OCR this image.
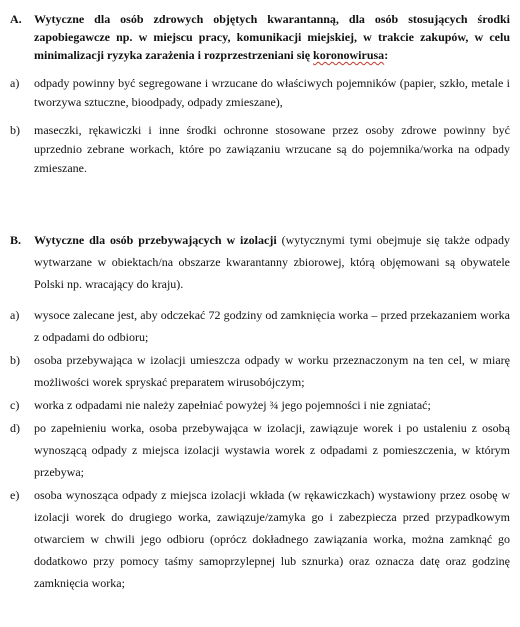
A.	Wytyczne dla osób zdrowych objętych kwarantanną, dla osób stosujących środki zapobiegawcze np. w miejscu pracy, komunikacji miejskiej, w trakcie zakupów, w celu minimalizacji ryzyka zarażenia i rozprzestrzeniani się koronowirusa:
a)	odpady powinny być segregowane i wrzucane do właściwych pojemników (papier, szkło, metale i tworzywa sztuczne, bioodpady, odpady zmieszane),
b)	maseczki, rękawiczki i inne środki ochronne stosowane przez osoby zdrowe powinny być uprzednio zebrane workach, które po zawiązaniu wrzucane są do pojemnika/worka na odpady zmieszane.
B.	Wytyczne dla osób przebywających w izolacji (wytycznymi tymi obejmuje się także odpady wytwarzane w obiektach/na obszarze kwarantanny zbiorowej, którą objęmowani są obywatele Polski np. wracający do kraju).
a)	wysoce zalecane jest, aby odczekać 72 godziny od zamknięcia worka – przed przekazaniem worka z odpadami do odbioru;
b)	osoba przebywająca w izolacji umieszcza odpady w worku przeznaczonym na ten cel, w miarę możliwości worek spryskać preparatem wirusobójczym;
c)	worka z odpadami nie należy zapełniać powyżej ¾ jego pojemności i nie zgniatać;
d)	po zapełnieniu worka, osoba przebywająca w izolacji, zawiązuje worek i po ustaleniu z osobą wynoszącą odpady z miejsca izolacji wystawia worek z odpadami z pomieszczenia, w którym przebywa;
e)	osoba wynosząca odpady z miejsca izolacji wkłada (w rękawiczkach) wystawiony przez osobę w izolacji worek do drugiego worka, zawiązuje/zamyka go i zabezpiecza przed przypadkowym otwarciem w chwili jego odbioru (oprócz dokładnego zawiązania worka, można zamknąć go dodatkowo przy pomocy taśmy samoprzylepnej lub sznurka) oraz oznacza datę oraz godzinę zamknięcia worka;
